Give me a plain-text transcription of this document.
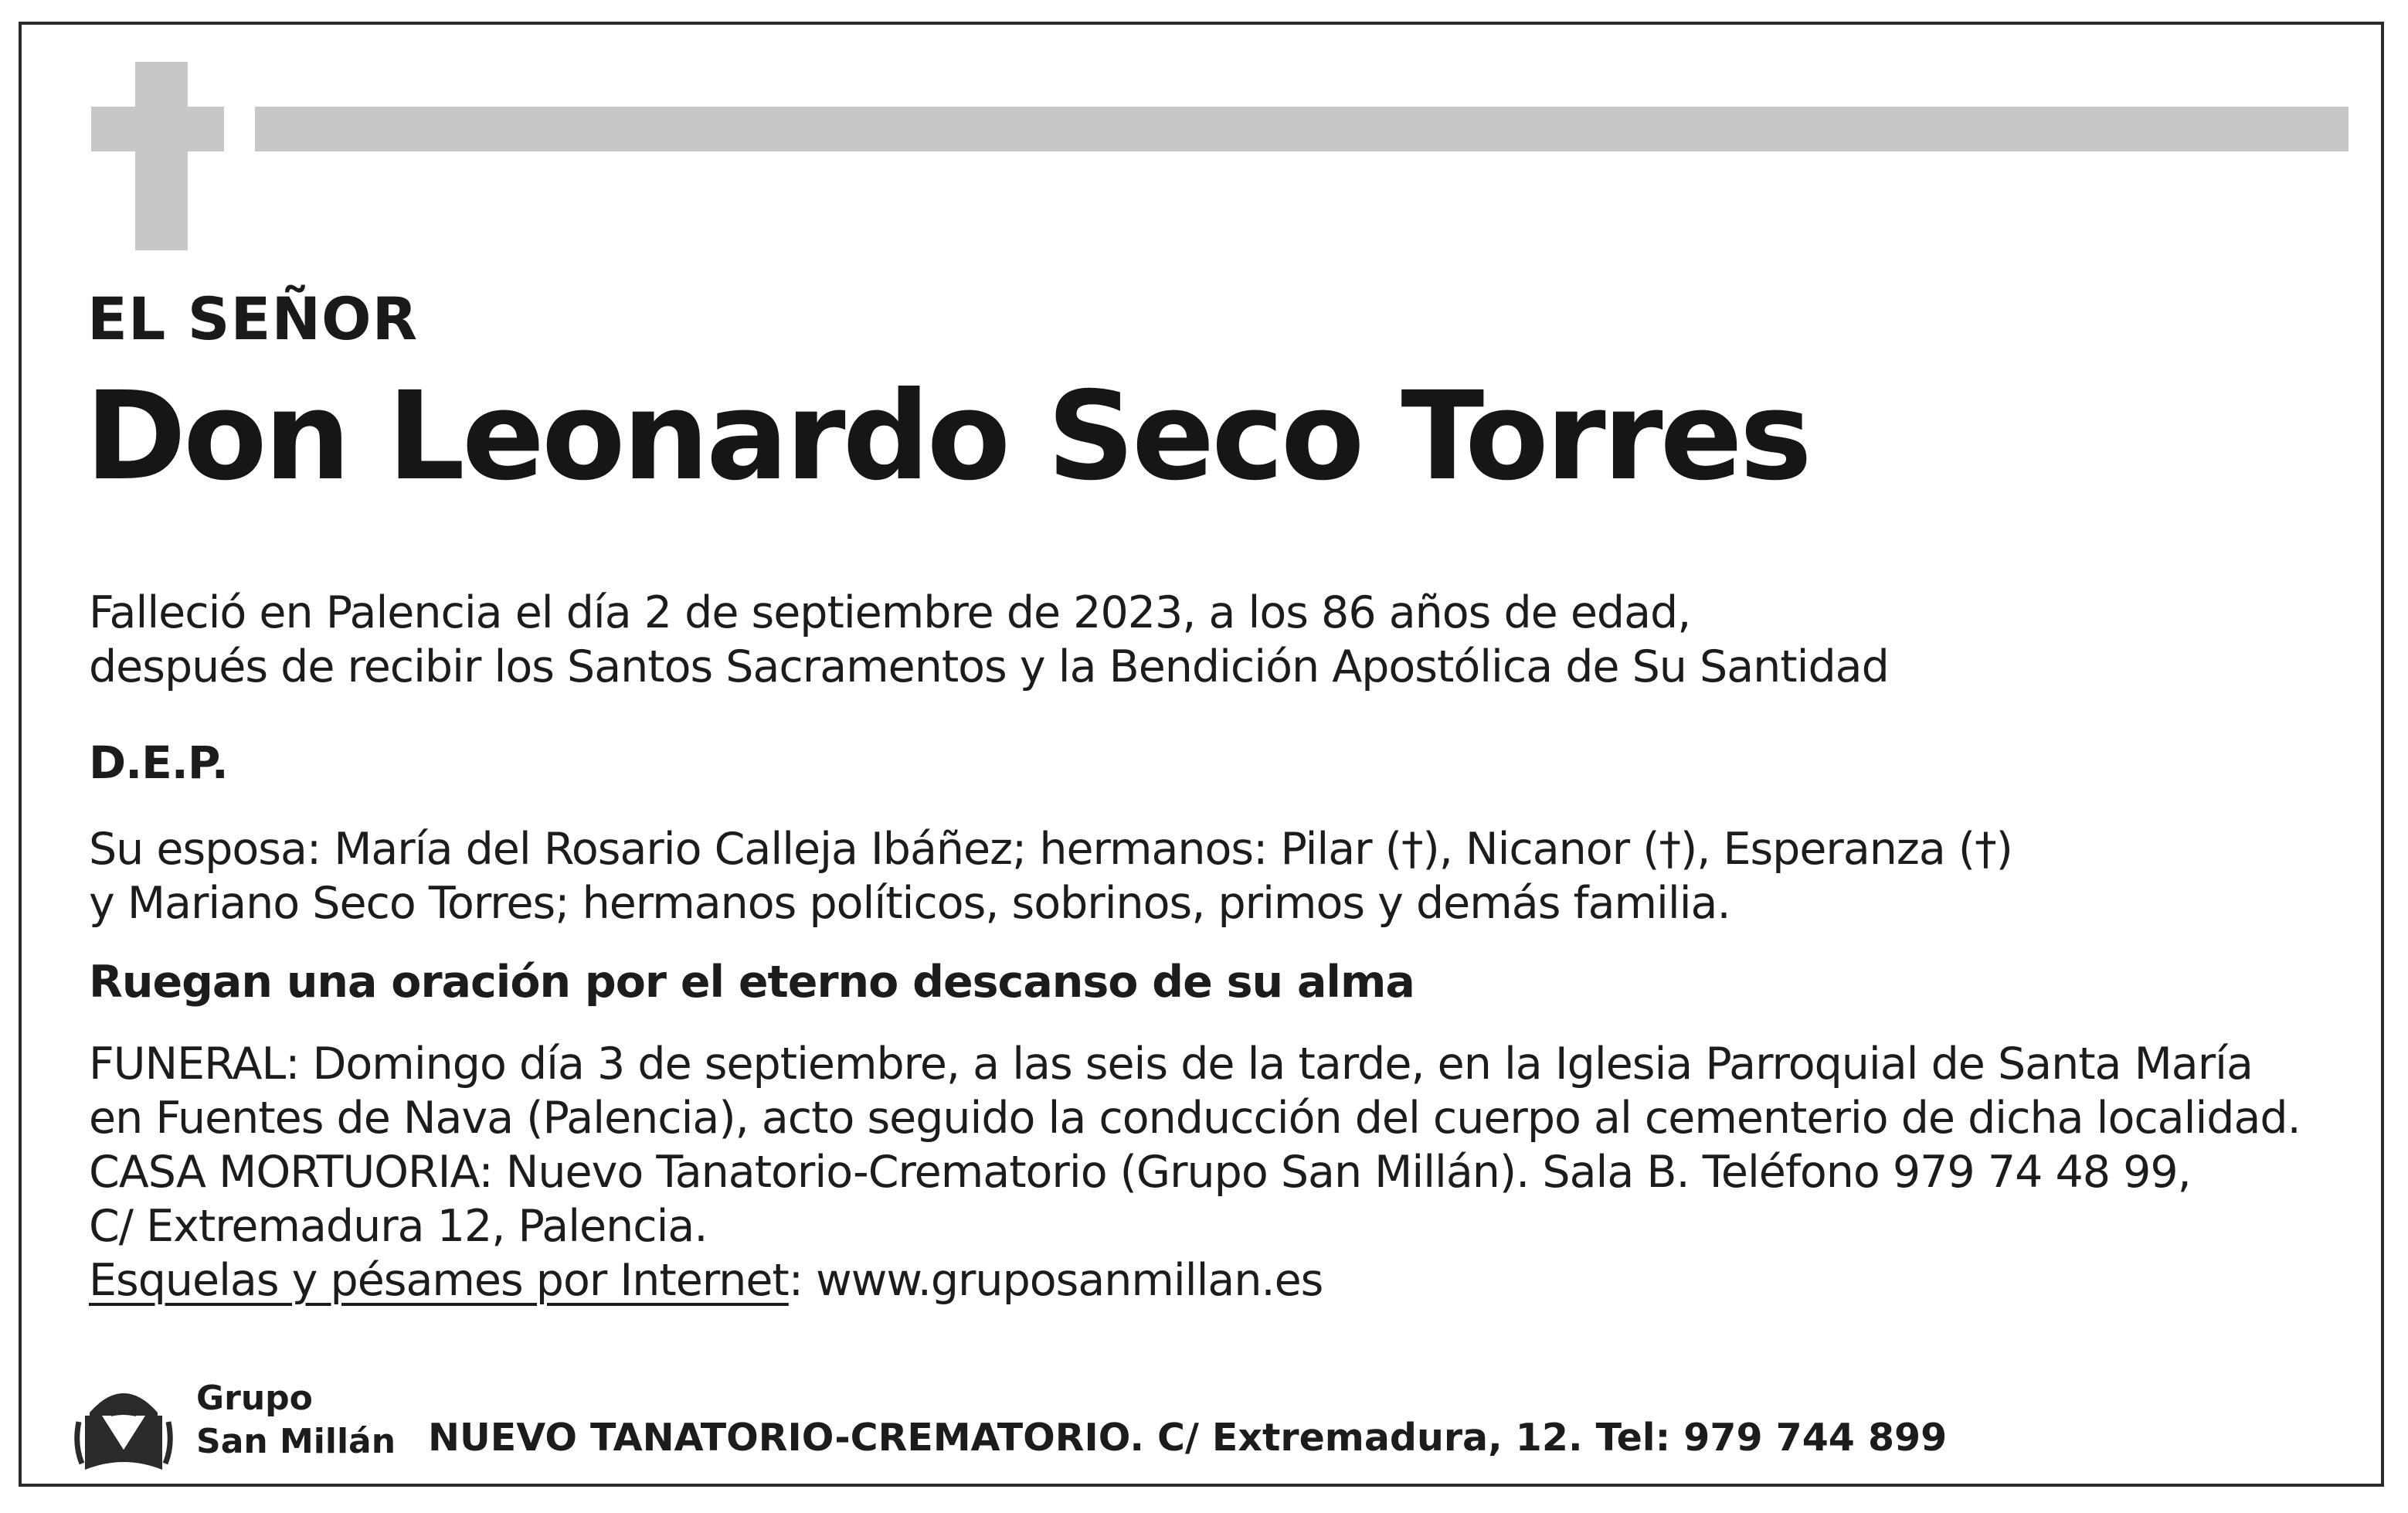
EL SEÑOR
Don Leonardo Seco Torres
Falleció en Palencia el día 2 de septiembre de 2023, a los 86 años de edad,
después de recibir los Santos Sacramentos y la Bendición Apostólica de Su Santidad
D.E.P.
Su esposa: María del Rosario Calleja Ibáñez; hermanos: Pilar (†), Nicanor (†), Esperanza (†)
y Mariano Seco Torres; hermanos políticos, sobrinos, primos y demás familia.
Ruegan una oración por el eterno descanso de su alma
FUNERAL: Domingo día 3 de septiembre, a las seis de la tarde, en la Iglesia Parroquial de Santa María
en Fuentes de Nava (Palencia), acto seguido la conducción del cuerpo al cementerio de dicha localidad.
CASA MORTUORIA: Nuevo Tanatorio-Crematorio (Grupo San Millán). Sala B. Teléfono 979 74 48 99,
C/ Extremadura 12, Palencia.
Esquelas y pésames por Internet: www.gruposanmillan.es
Grupo
San Millán NUEVO TANATORIO-CREMATORIO. C/ Extremadura, 12. Tel: 979 744 899
